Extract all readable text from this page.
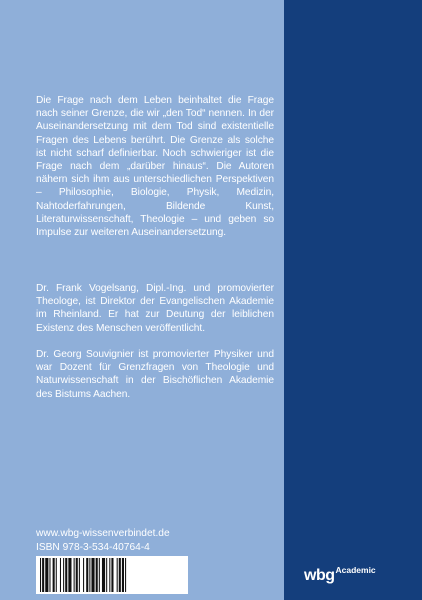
Die Frage nach dem Leben beinhaltet die Frage nach seiner Grenze, die wir „den Tod“ nennen. In der Auseinandersetzung mit dem Tod sind existentielle Fragen des Lebens berührt. Die Grenze als solche ist nicht scharf definierbar. Noch schwieriger ist die Frage nach dem „darüber hinaus“. Die Autoren nähern sich ihm aus unterschiedlichen Perspektiven – Philosophie, Biologie, Physik, Medizin, Nahtoderfahrungen, Bildende Kunst, Literaturwissenschaft, Theologie – und geben so Impulse zur weiteren Auseinandersetzung.

Dr. Frank Vogelsang, Dipl.-Ing. und promovierter Theologe, ist Direktor der Evangelischen Akademie im Rheinland. Er hat zur Deutung der leiblichen Existenz des Menschen veröffentlicht.

Dr. Georg Souvignier ist promovierter Physiker und war Dozent für Grenzfragen von Theologie und Naturwissenschaft in der Bischöflichen Akademie des Bistums Aachen.

www.wbg-wissenverbindet.de
ISBN 978-3-534-40764-4
wbg$^{Academic}$
